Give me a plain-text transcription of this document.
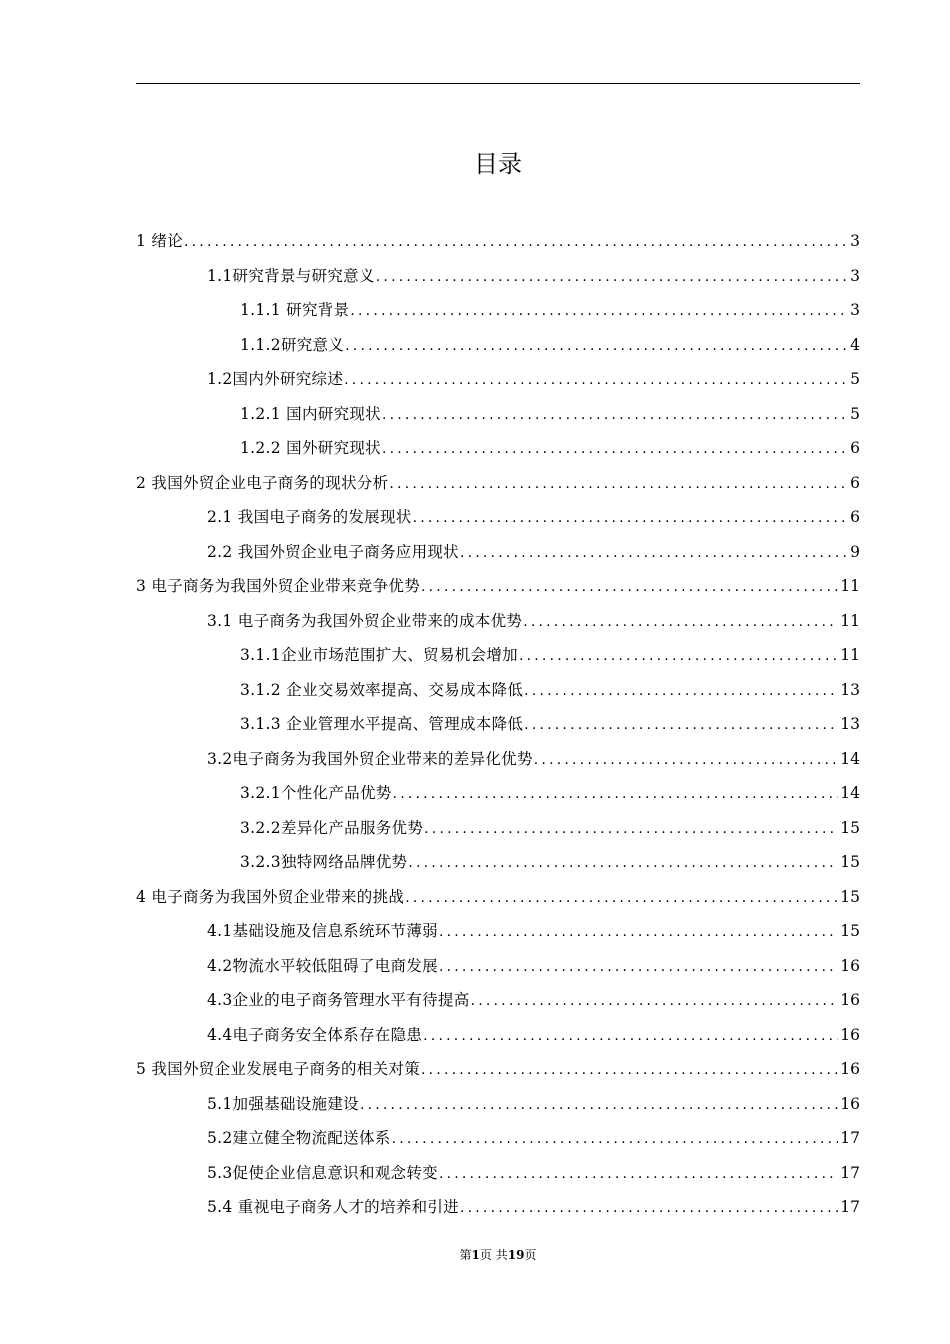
目录
1 绪论 .....	3
1.1研究背景与研究意义 .....	3
1.1.1 研究背景 .....	3
1.1.2研究意义 .....	4
1.2国内外研究综述 .....	5
1.2.1 国内研究现状 .....	5
1.2.2 国外研究现状 .....	6
2 我国外贸企业电子商务的现状分析 .....	6
2.1 我国电子商务的发展现状 .....	6
2.2 我国外贸企业电子商务应用现状 .....	9
3 电子商务为我国外贸企业带来竞争优势 .....	11
3.1 电子商务为我国外贸企业带来的成本优势 .....	11
3.1.1企业市场范围扩大、贸易机会增加 .....	11
3.1.2 企业交易效率提高、交易成本降低 .....	13
3.1.3 企业管理水平提高、管理成本降低 .....	13
3.2电子商务为我国外贸企业带来的差异化优势 .....	14
3.2.1个性化产品优势 .....	14
3.2.2差异化产品服务优势 .....	15
3.2.3独特网络品牌优势 .....	15
4 电子商务为我国外贸企业带来的挑战 .....	15
4.1基础设施及信息系统环节薄弱 .....	15
4.2物流水平较低阻碍了电商发展 .....	16
4.3企业的电子商务管理水平有待提高 .....	16
4.4电子商务安全体系存在隐患 .....	16
5 我国外贸企业发展电子商务的相关对策 .....	16
5.1加强基础设施建设 .....	16
5.2建立健全物流配送体系 .....	17
5.3促使企业信息意识和观念转变 .....	17
5.4 重视电子商务人才的培养和引进 .....	17
第1页 共19页
